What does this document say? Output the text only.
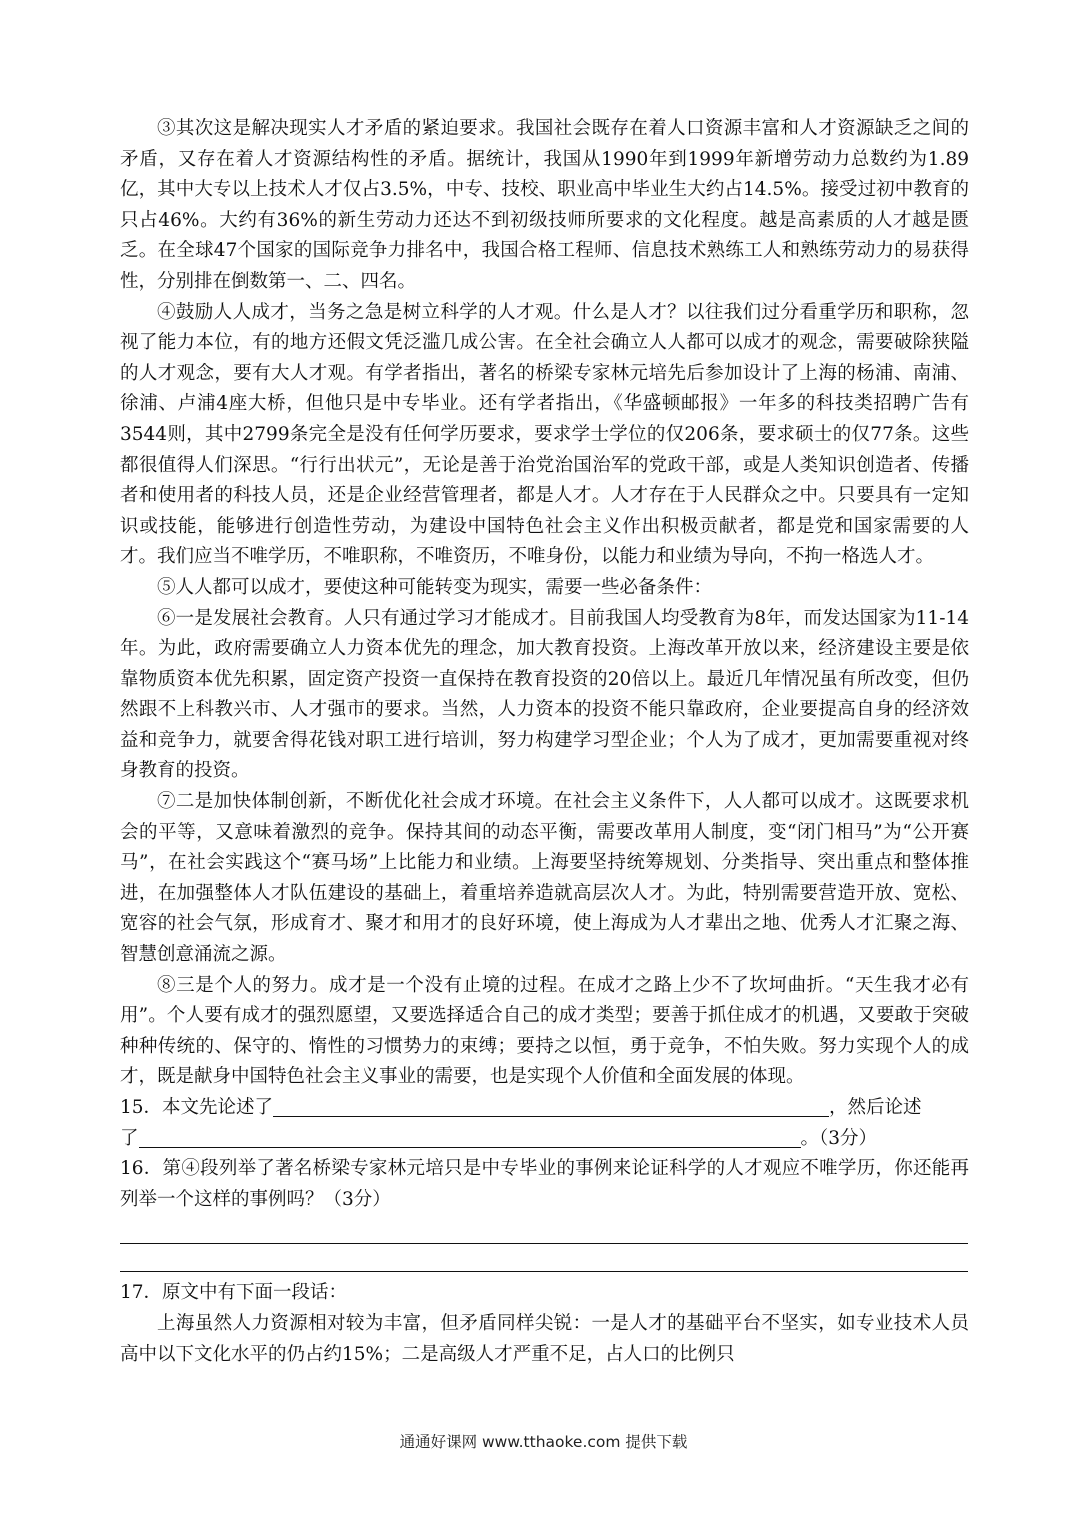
③其次这是解决现实人才矛盾的紧迫要求。我国社会既存在着人口资源丰富和人才资源缺乏之间的矛盾，又存在着人才资源结构性的矛盾。据统计，我国从1990年到1999年新增劳动力总数约为1.89亿，其中大专以上技术人才仅占3.5%，中专、技校、职业高中毕业生大约占14.5%。接受过初中教育的只占46%。大约有36%的新生劳动力还达不到初级技师所要求的文化程度。越是高素质的人才越是匮乏。在全球47个国家的国际竞争力排名中，我国合格工程师、信息技术熟练工人和熟练劳动力的易获得性，分别排在倒数第一、二、四名。

④鼓励人人成才，当务之急是树立科学的人才观。什么是人才？以往我们过分看重学历和职称，忽视了能力本位，有的地方还假文凭泛滥几成公害。在全社会确立人人都可以成才的观念，需要破除狭隘的人才观念，要有大人才观。有学者指出，著名的桥梁专家林元培先后参加设计了上海的杨浦、南浦、徐浦、卢浦4座大桥，但他只是中专毕业。还有学者指出，《华盛顿邮报》一年多的科技类招聘广告有3544则，其中2799条完全是没有任何学历要求，要求学士学位的仅206条，要求硕士的仅77条。这些都很值得人们深思。“行行出状元”，无论是善于治党治国治军的党政干部，或是人类知识创造者、传播者和使用者的科技人员，还是企业经营管理者，都是人才。人才存在于人民群众之中。只要具有一定知识或技能，能够进行创造性劳动，为建设中国特色社会主义作出积极贡献者，都是党和国家需要的人才。我们应当不唯学历，不唯职称，不唯资历，不唯身份，以能力和业绩为导向，不拘一格选人才。

⑤人人都可以成才，要使这种可能转变为现实，需要一些必备条件：

⑥一是发展社会教育。人只有通过学习才能成才。目前我国人均受教育为8年，而发达国家为11-14年。为此，政府需要确立人力资本优先的理念，加大教育投资。上海改革开放以来，经济建设主要是依靠物质资本优先积累，固定资产投资一直保持在教育投资的20倍以上。最近几年情况虽有所改变，但仍然跟不上科教兴市、人才强市的要求。当然，人力资本的投资不能只靠政府，企业要提高自身的经济效益和竞争力，就要舍得花钱对职工进行培训，努力构建学习型企业；个人为了成才，更加需要重视对终身教育的投资。

⑦二是加快体制创新，不断优化社会成才环境。在社会主义条件下，人人都可以成才。这既要求机会的平等，又意味着激烈的竞争。保持其间的动态平衡，需要改革用人制度，变“闭门相马”为“公开赛马”，在社会实践这个“赛马场”上比能力和业绩。上海要坚持统筹规划、分类指导、突出重点和整体推进，在加强整体人才队伍建设的基础上，着重培养造就高层次人才。为此，特别需要营造开放、宽松、宽容的社会气氛，形成育才、聚才和用才的良好环境，使上海成为人才辈出之地、优秀人才汇聚之海、智慧创意涌流之源。

⑧三是个人的努力。成才是一个没有止境的过程。在成才之路上少不了坎坷曲折。“天生我才必有用”。个人要有成才的强烈愿望，又要选择适合自己的成才类型；要善于抓住成才的机遇，又要敢于突破种种传统的、保守的、惰性的习惯势力的束缚；要持之以恒，勇于竞争，不怕失败。努力实现个人的成才，既是献身中国特色社会主义事业的需要，也是实现个人价值和全面发展的体现。

15．本文先论述了	，然后论述

了	。（3分）

16．第④段列举了著名桥梁专家林元培只是中专毕业的事例来论证科学的人才观应不唯学历，你还能再列举一个这样的事例吗？（3分）

17．原文中有下面一段话：

上海虽然人力资源相对较为丰富，但矛盾同样尖锐：一是人才的基础平台不坚实，如专业技术人员高中以下文化水平的仍占约15%；二是高级人才严重不足，占人口的比例只

通通好课网 www.tthaoke.com 提供下载
